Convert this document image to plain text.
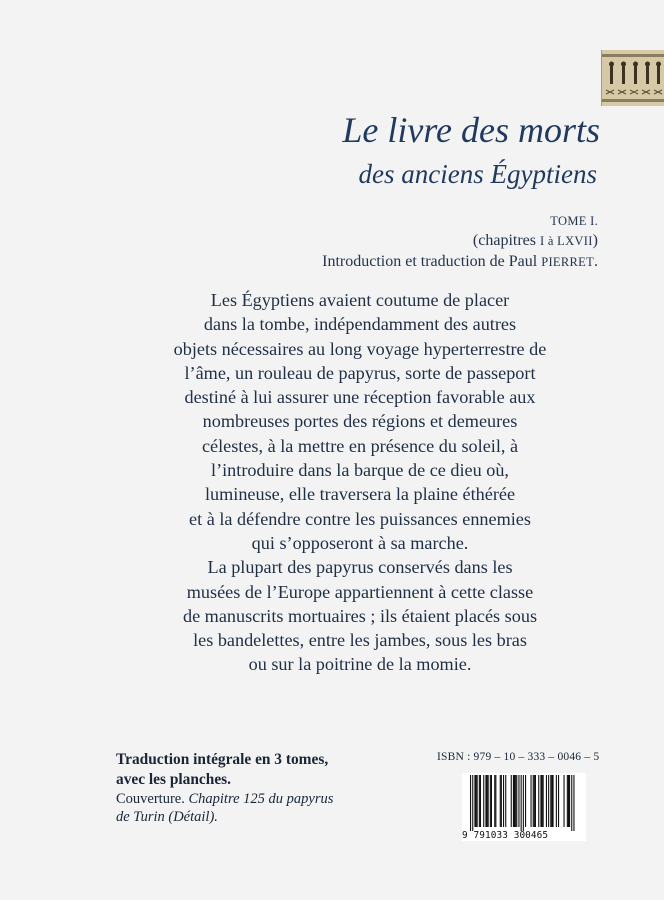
Le livre des morts
des anciens Égyptiens
TOME I.
(chapitres I à LXVII)
Introduction et traduction de Paul PIERRET.
Les Égyptiens avaient coutume de placer
dans la tombe, indépendamment des autres
objets nécessaires au long voyage hyperterrestre de
l’âme, un rouleau de papyrus, sorte de passeport
destiné à lui assurer une réception favorable aux
nombreuses portes des régions et demeures
célestes, à la mettre en présence du soleil, à
l’introduire dans la barque de ce dieu où,
lumineuse, elle traversera la plaine éthérée
et à la défendre contre les puissances ennemies
qui s’opposeront à sa marche.
La plupart des papyrus conservés dans les
musées de l’Europe appartiennent à cette classe
de manuscrits mortuaires ; ils étaient placés sous
les bandelettes, entre les jambes, sous les bras
ou sur la poitrine de la momie.
Traduction intégrale en 3 tomes,
avec les planches.
Couverture. Chapitre 125 du papyrus
de Turin (Détail).
ISBN : 979 – 10 – 333 – 0046 – 5
9 791033 300465
